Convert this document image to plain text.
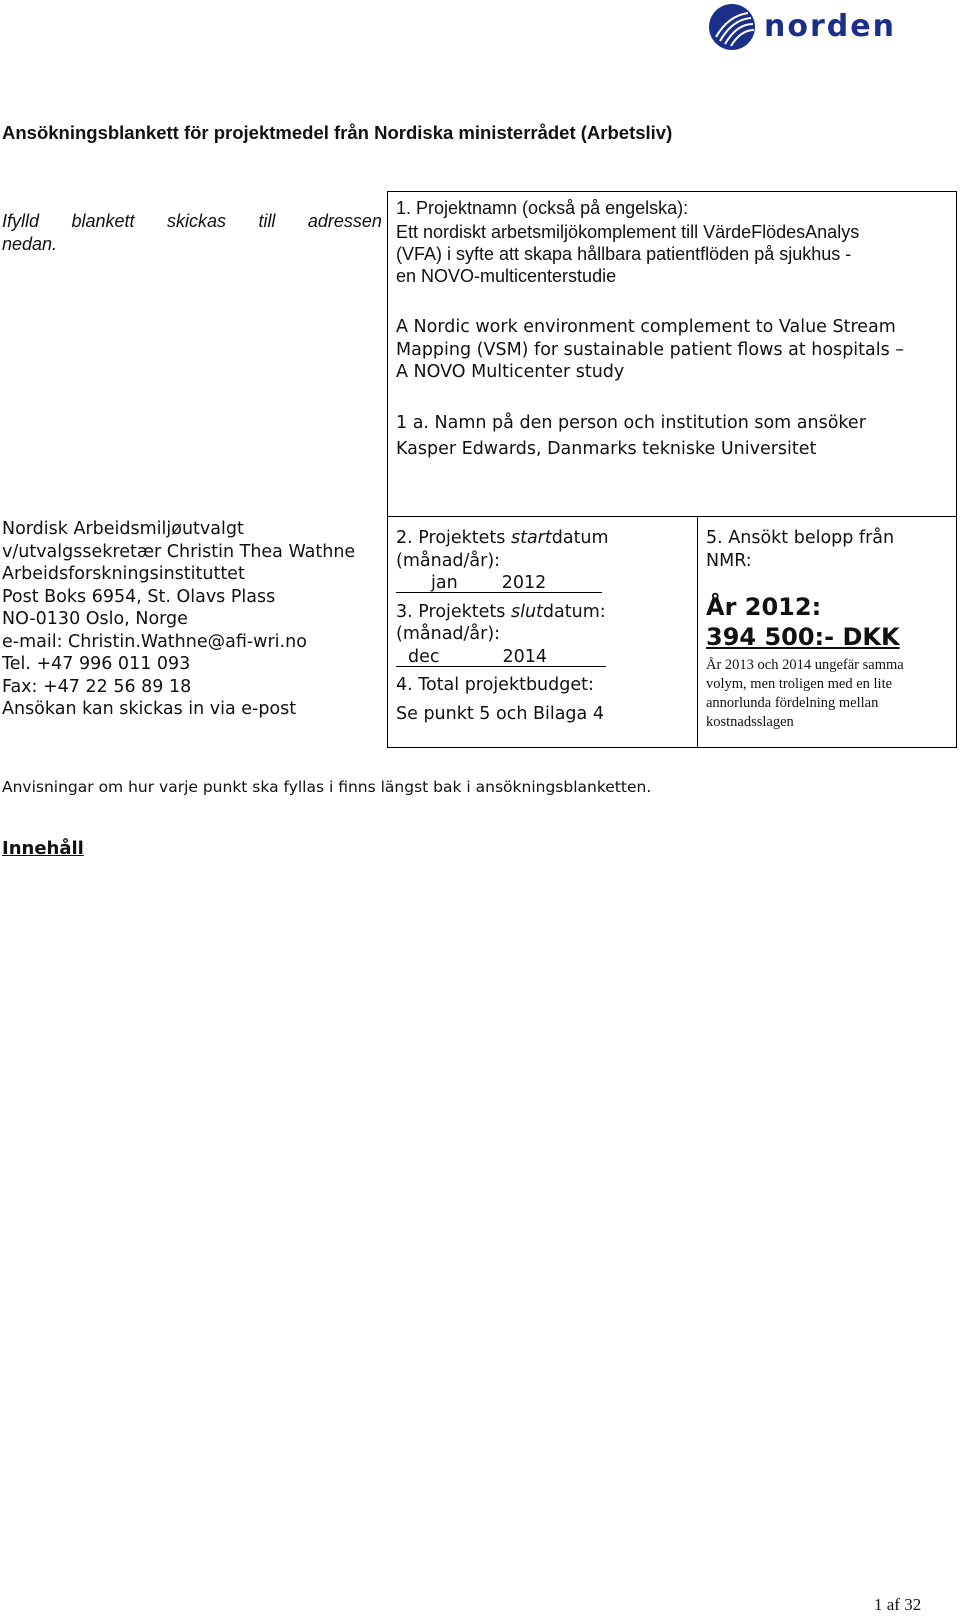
norden
Ansökningsblankett för projektmedel från Nordiska ministerrådet (Arbetsliv)
Ifylld blankett skickas till adressen
nedan.

1. Projektnamn (också på engelska):

Ett nordiskt arbetsmiljökomplement till VärdeFlödesAnalys

(VFA) i syfte att skapa hållbara patientflöden på sjukhus -

en NOVO-multicenterstudie

A Nordic work environment complement to Value Stream

Mapping (VSM) for sustainable patient flows at hospitals –

A NOVO Multicenter study

1 a. Namn på den person och institution som ansöker

Kasper Edwards, Danmarks tekniske Universitet

Nordisk Arbeidsmiljøutvalgt

v/utvalgssekretær Christin Thea Wathne

Arbeidsforskningsinstituttet

Post Boks 6954, St. Olavs Plass

NO-0130 Oslo, Norge

e-mail: Christin.Wathne@afi-wri.no

Tel. +47 996 011 093

Fax: +47 22 56 89 18

Ansökan kan skickas in via e-post

2. Projektets startdatum

(månad/år):

jan	2012

3. Projektets slutdatum:

(månad/år):

dec	2014

4. Total projektbudget:

Se punkt 5 och Bilaga 4

5. Ansökt belopp från NMR:

År 2012:

394 500:- DKK

År 2013 och 2014 ungefär samma volym, men troligen med en lite annorlunda fördelning mellan kostnadsslagen

Anvisningar om hur varje punkt ska fyllas i finns längst bak i ansökningsblanketten.
Innehåll
1 af 32
